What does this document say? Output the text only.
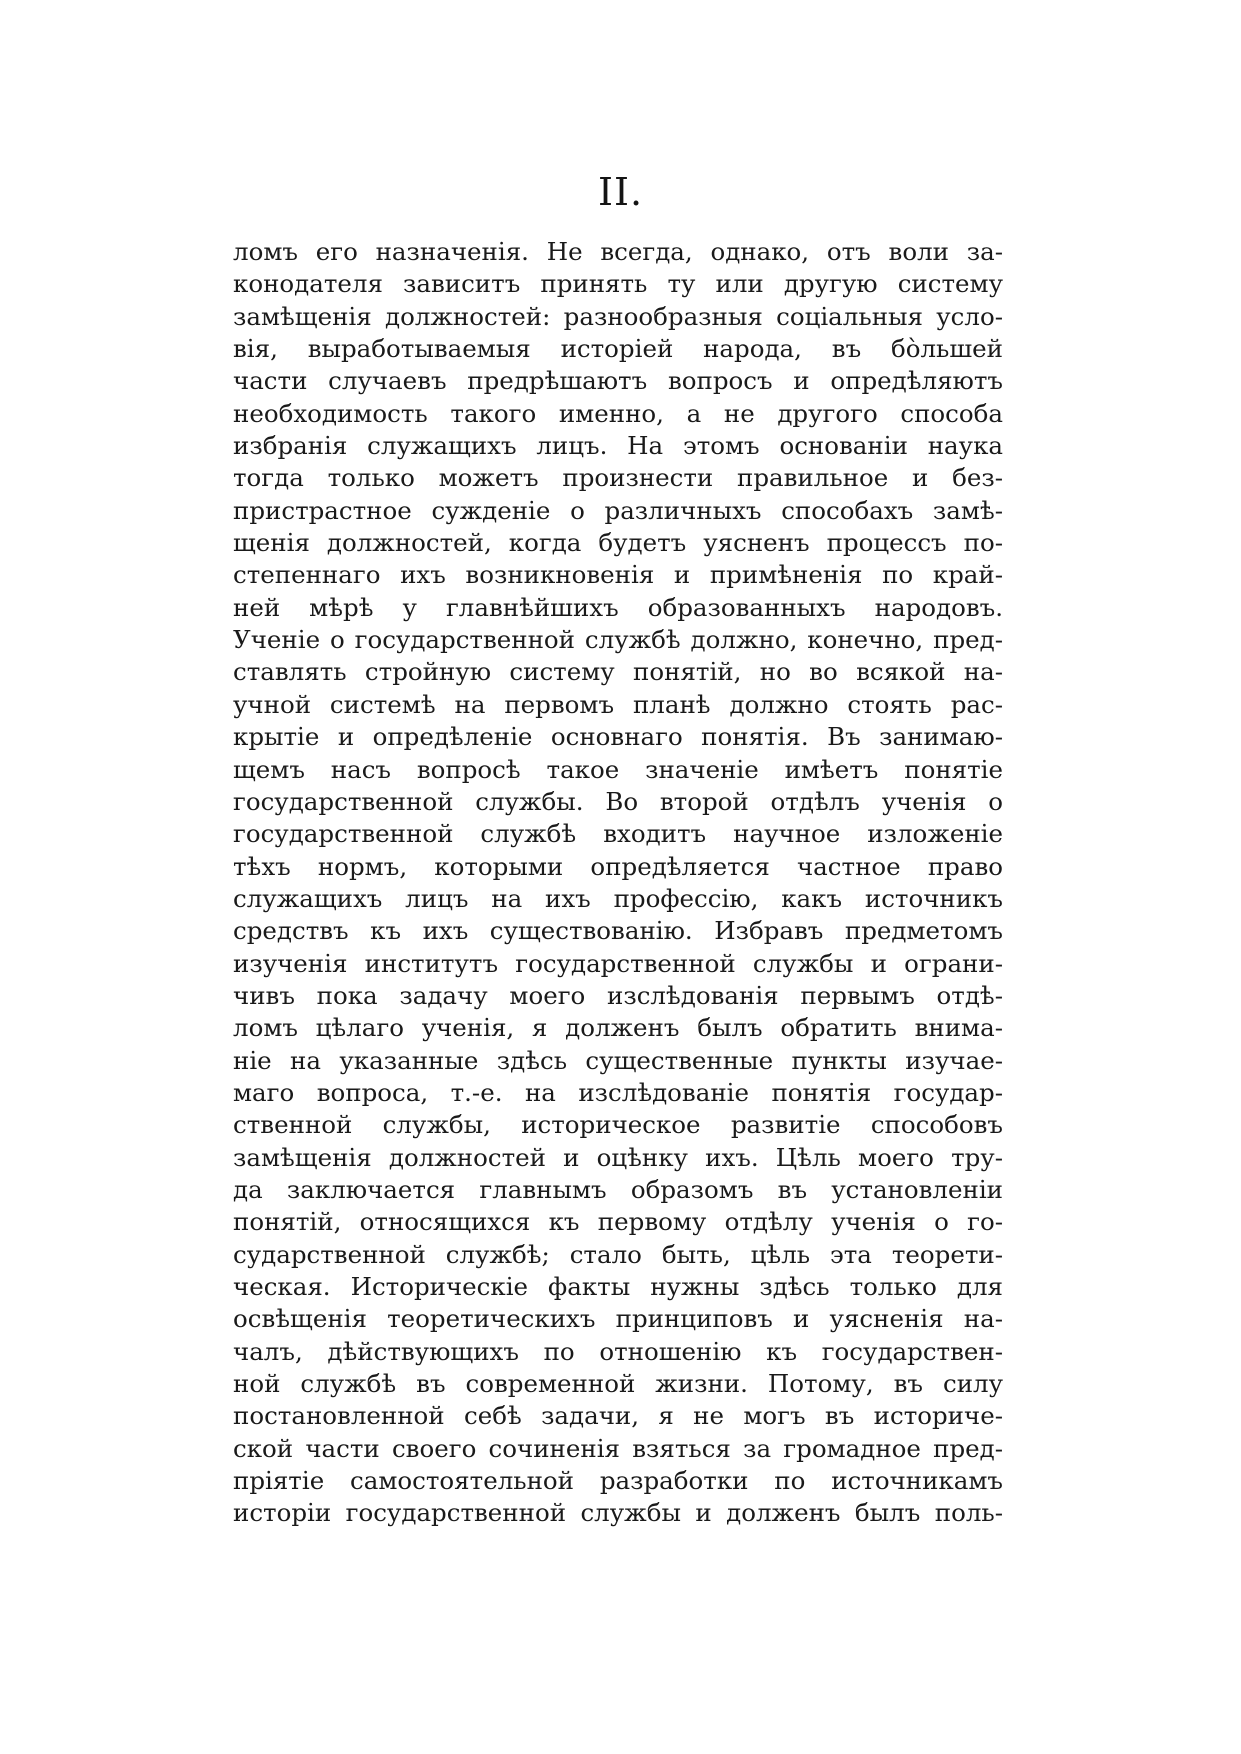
II.
ломъ его назначенія. Не всегда, однако, отъ воли за-
конодателя зависитъ принять ту или другую систему
замѣщенія должностей: разнообразныя соціальныя усло-
вія, выработываемыя исторіей народа, въ бо̀льшей
части случаевъ предрѣшаютъ вопросъ и опредѣляютъ
необходимость такого именно, а не другого способа
избранія служащихъ лицъ. На этомъ основаніи наука
тогда только можетъ произнести правильное и без-
пристрастное сужденіе о различныхъ способахъ замѣ-
щенія должностей, когда будетъ уясненъ процессъ по-
степеннаго ихъ возникновенія и примѣненія по край-
ней мѣрѣ у главнѣйшихъ образованныхъ народовъ.
Ученіе о государственной службѣ должно, конечно, пред-
ставлять стройную систему понятій, но во всякой на-
учной системѣ на первомъ планѣ должно стоять рас-
крытіе и опредѣленіе основнаго понятія. Въ занимаю-
щемъ насъ вопросѣ такое значеніе имѣетъ понятіе
государственной службы. Во второй отдѣлъ ученія о
государственной службѣ входитъ научное изложеніе
тѣхъ нормъ, которыми опредѣляется частное право
служащихъ лицъ на ихъ профессію, какъ источникъ
средствъ къ ихъ существованію. Избравъ предметомъ
изученія институтъ государственной службы и ограни-
чивъ пока задачу моего изслѣдованія первымъ отдѣ-
ломъ цѣлаго ученія, я долженъ былъ обратить внима-
ніе на указанные здѣсь существенные пункты изучае-
маго вопроса, т.-е. на изслѣдованіе понятія государ-
ственной службы, историческое развитіе способовъ
замѣщенія должностей и оцѣнку ихъ. Цѣль моего тру-
да заключается главнымъ образомъ въ установленіи
понятій, относящихся къ первому отдѣлу ученія о го-
сударственной службѣ; стало быть, цѣль эта теорети-
ческая. Историческіе факты нужны здѣсь только для
освѣщенія теоретическихъ принциповъ и уясненія на-
чалъ, дѣйствующихъ по отношенію къ государствен-
ной службѣ въ современной жизни. Потому, въ силу
постановленной себѣ задачи, я не могъ въ историче-
ской части своего сочиненія взяться за громадное пред-
пріятіе самостоятельной разработки по источникамъ
исторіи государственной службы и долженъ былъ поль-
